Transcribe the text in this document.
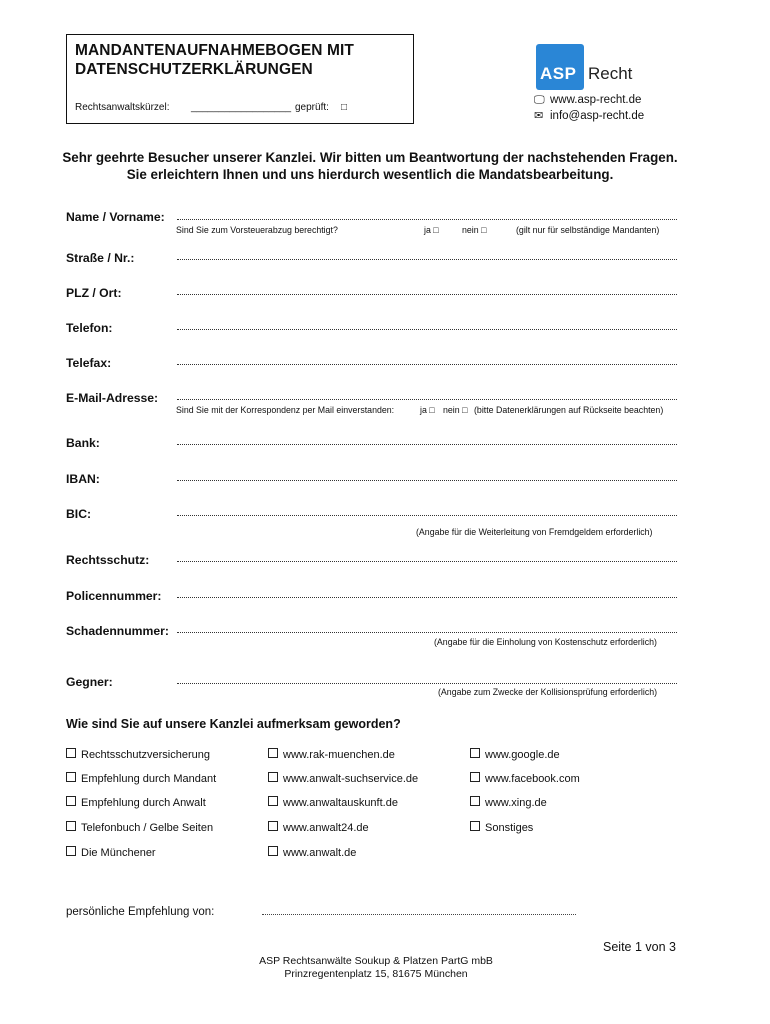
MANDANTENAUFNAHMEBOGEN MIT
DATENSCHUTZERKLÄRUNGEN
Rechtsanwaltskürzel: __________________ geprüft: □
ASP Recht
🖵 www.asp-recht.de
✉ info@asp-recht.de
Sehr geehrte Besucher unserer Kanzlei. Wir bitten um Beantwortung der nachstehenden Fragen.
Sie erleichtern Ihnen und uns hierdurch wesentlich die Mandatsbearbeitung.
Name / Vorname:
Sind Sie zum Vorsteuerabzug berechtigt?	ja □	nein □	(gilt nur für selbständige Mandanten)
Straße / Nr.:
PLZ / Ort:
Telefon:
Telefax:
E-Mail-Adresse:
Sind Sie mit der Korrespondenz per Mail einverstanden:	ja □ nein □ (bitte Datenerklärungen auf Rückseite beachten)
Bank:
IBAN:
BIC:
(Angabe für die Weiterleitung von Fremdgeldem erforderlich)
Rechtsschutz:
Policennummer:
Schadennummer:
(Angabe für die Einholung von Kostenschutz erforderlich)
Gegner:
(Angabe zum Zwecke der Kollisionsprüfung erforderlich)
Wie sind Sie auf unsere Kanzlei aufmerksam geworden?
Rechtsschutzversicherung
Empfehlung durch Mandant
Empfehlung durch Anwalt
Telefonbuch / Gelbe Seiten
Die Münchener
www.rak-muenchen.de
www.anwalt-suchservice.de
www.anwaltauskunft.de
www.anwalt24.de
www.anwalt.de
www.google.de
www.facebook.com
www.xing.de
Sonstiges
persönliche Empfehlung von:
Seite 1 von 3
ASP Rechtsanwälte Soukup & Platzen PartG mbB
Prinzregentenplatz 15, 81675 München
